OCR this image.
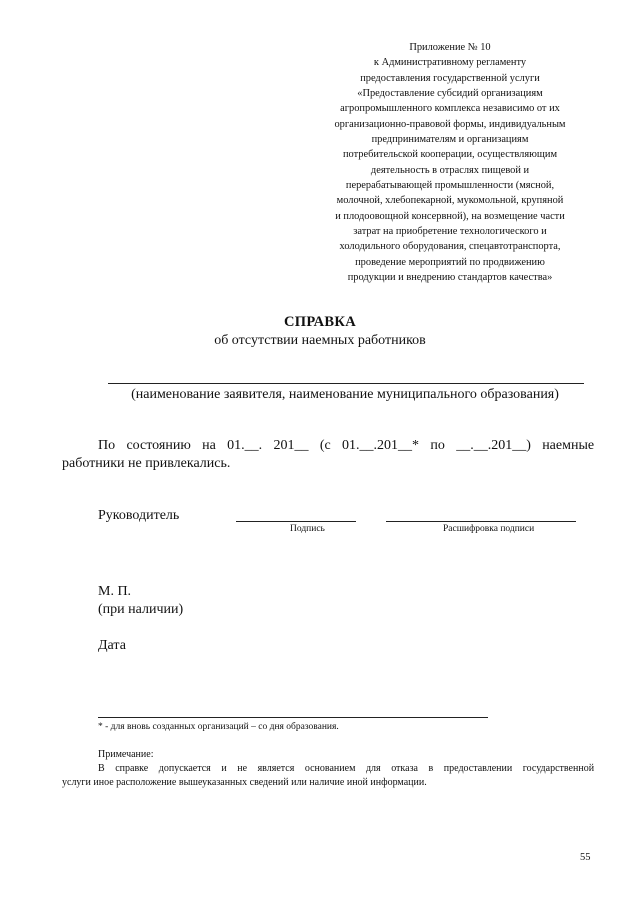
Приложение № 10
к Административному регламенту
предоставления государственной услуги
«Предоставление субсидий организациям
агропромышленного комплекса независимо от их
организационно-правовой формы, индивидуальным
предпринимателям и организациям
потребительской кооперации, осуществляющим
деятельность в отраслях пищевой и
перерабатывающей промышленности (мясной,
молочной, хлебопекарной, мукомольной, крупяной
и плодоовощной консервной), на возмещение части
затрат на приобретение технологического и
холодильного оборудования, спецавтотранспорта,
проведение мероприятий по продвижению
продукции и внедрению стандартов качества»
СПРАВКА
об отсутствии наемных работников
(наименование заявителя, наименование муниципального образования)
По состоянию на 01.__. 201__ (с 01.__.201__* по __.__.201__) наемные
работники не привлекались.
Руководитель
Подпись	Расшифровка подписи
М. П.
(при наличии)
Дата
* - для вновь созданных организаций – со дня образования.
Примечание:
В справке допускается и не является основанием для отказа в предоставлении государственной
услуги иное расположение вышеуказанных сведений или наличие иной информации.
55
